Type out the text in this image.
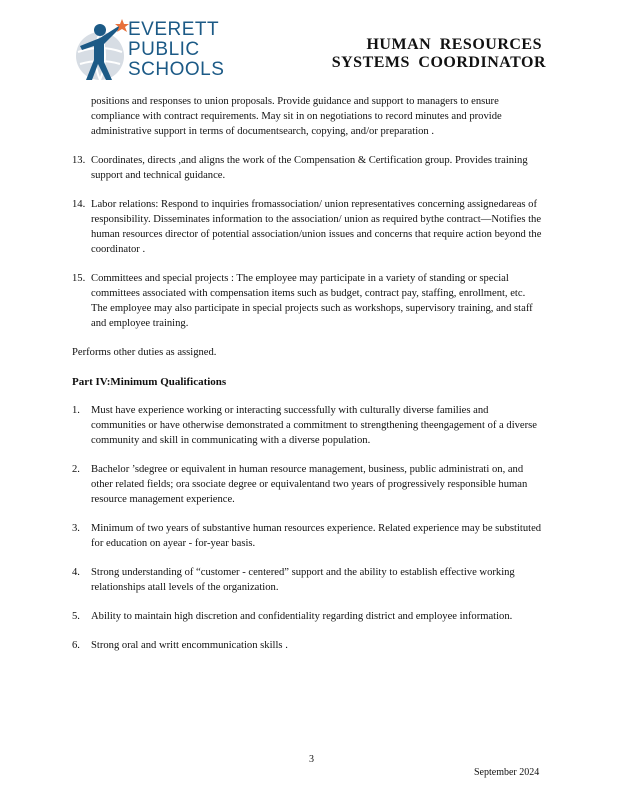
EVERETT
PUBLIC
SCHOOLS
HUMAN RESOURCES
SYSTEMS COORDINATOR
positions and responses to union proposals. Provide guidance and support to managers to ensure compliance with contract requirements. May sit in on negotiations to record minutes and provide administrative support in terms of documentsearch, copying, and/or preparation .
13. Coordinates, directs ,and aligns the work of the Compensation & Certification group. Provides training support and technical guidance.
14. Labor relations: Respond to inquiries fromassociation/ union representatives concerning assignedareas of responsibility. Disseminates information to the association/ union as required bythe contract—Notifies the human resources director of potential association/union issues and concerns that require action beyond the coordinator .
15. Committees and special projects : The employee may participate in a variety of standing or special committees associated with compensation items such as budget, contract pay, staffing, enrollment, etc. The employee may also participate in special projects such as workshops, supervisory training, and staff and employee training.
Performs other duties as assigned.
Part IV:Minimum Qualifications
1. Must have experience working or interacting successfully with culturally diverse families and communities or have otherwise demonstrated a commitment to strengthening theengagement of a diverse community and skill in communicating with a diverse population.
2. Bachelor ’sdegree or equivalent in human resource management, business, public administrati on, and other related fields; ora ssociate degree or equivalentand two years of progressively responsible human resource management experience.
3. Minimum of two years of substantive human resources experience. Related experience may be substituted for education on ayear - for-year basis.
4. Strong understanding of “customer - centered” support and the ability to establish effective working relationships atall levels of the organization.
5. Ability to maintain high discretion and confidentiality regarding district and employee information.
6. Strong oral and writt encommunication skills .
3
September 2024
